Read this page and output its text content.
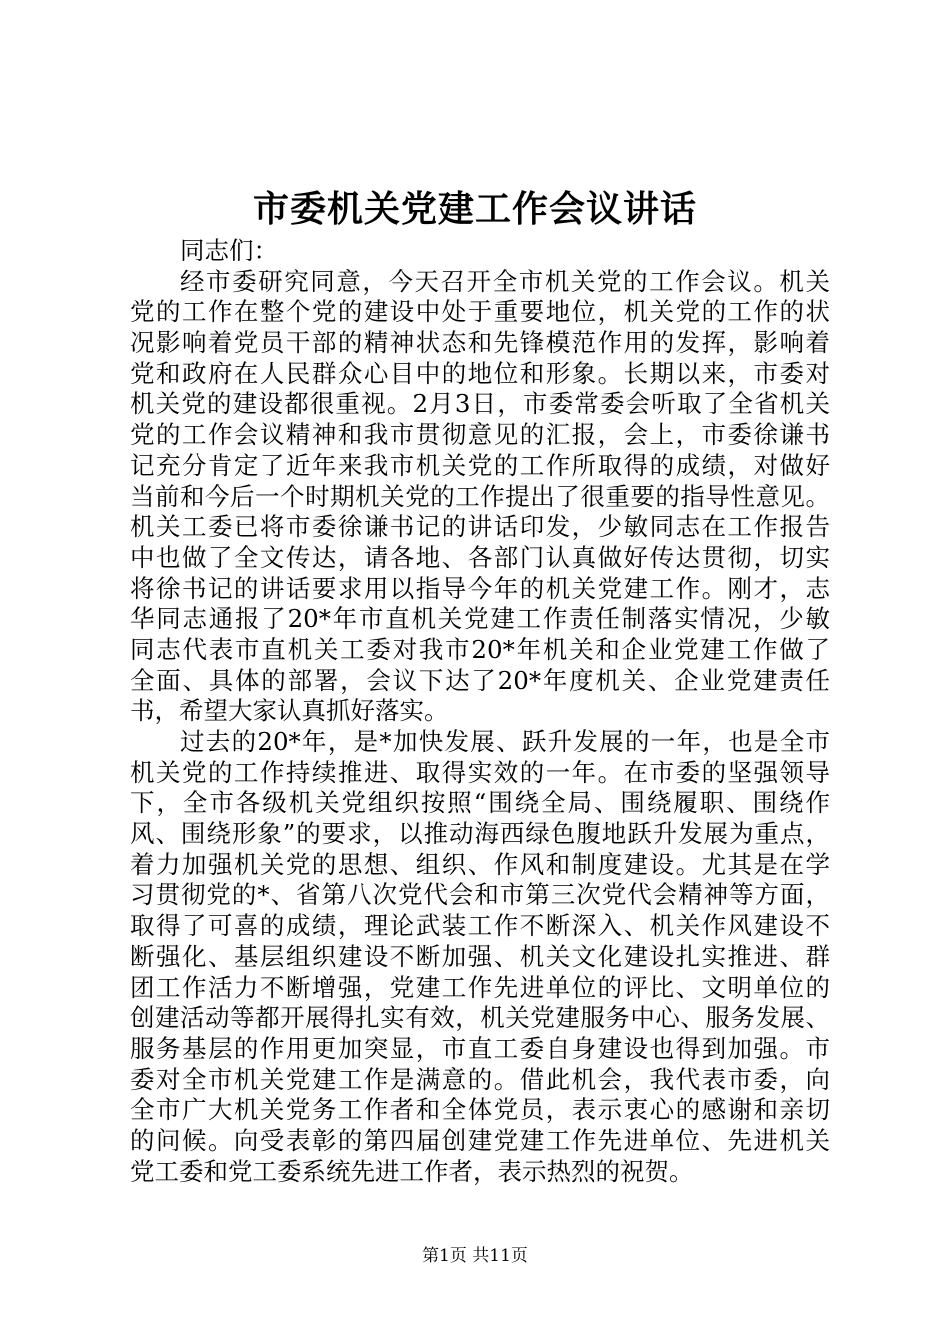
市委机关党建工作会议讲话
同志们：
经市委研究同意，今天召开全市机关党的工作会议。机关
党的工作在整个党的建设中处于重要地位，机关党的工作的状
况影响着党员干部的精神状态和先锋模范作用的发挥，影响着
党和政府在人民群众心目中的地位和形象。长期以来，市委对
机关党的建设都很重视。2月3日，市委常委会听取了全省机关
党的工作会议精神和我市贯彻意见的汇报，会上，市委徐谦书
记充分肯定了近年来我市机关党的工作所取得的成绩，对做好
当前和今后一个时期机关党的工作提出了很重要的指导性意见。
机关工委已将市委徐谦书记的讲话印发，少敏同志在工作报告
中也做了全文传达，请各地、各部门认真做好传达贯彻，切实
将徐书记的讲话要求用以指导今年的机关党建工作。刚才，志
华同志通报了20*年市直机关党建工作责任制落实情况，少敏
同志代表市直机关工委对我市20*年机关和企业党建工作做了
全面、具体的部署，会议下达了20*年度机关、企业党建责任
书，希望大家认真抓好落实。
过去的20*年，是*加快发展、跃升发展的一年，也是全市
机关党的工作持续推进、取得实效的一年。在市委的坚强领导
下，全市各级机关党组织按照“围绕全局、围绕履职、围绕作
风、围绕形象”的要求，以推动海西绿色腹地跃升发展为重点，
着力加强机关党的思想、组织、作风和制度建设。尤其是在学
习贯彻党的*、省第八次党代会和市第三次党代会精神等方面，
取得了可喜的成绩，理论武装工作不断深入、机关作风建设不
断强化、基层组织建设不断加强、机关文化建设扎实推进、群
团工作活力不断增强，党建工作先进单位的评比、文明单位的
创建活动等都开展得扎实有效，机关党建服务中心、服务发展、
服务基层的作用更加突显，市直工委自身建设也得到加强。市
委对全市机关党建工作是满意的。借此机会，我代表市委，向
全市广大机关党务工作者和全体党员，表示衷心的感谢和亲切
的问候。向受表彰的第四届创建党建工作先进单位、先进机关
党工委和党工委系统先进工作者，表示热烈的祝贺。
第1页 共11页
